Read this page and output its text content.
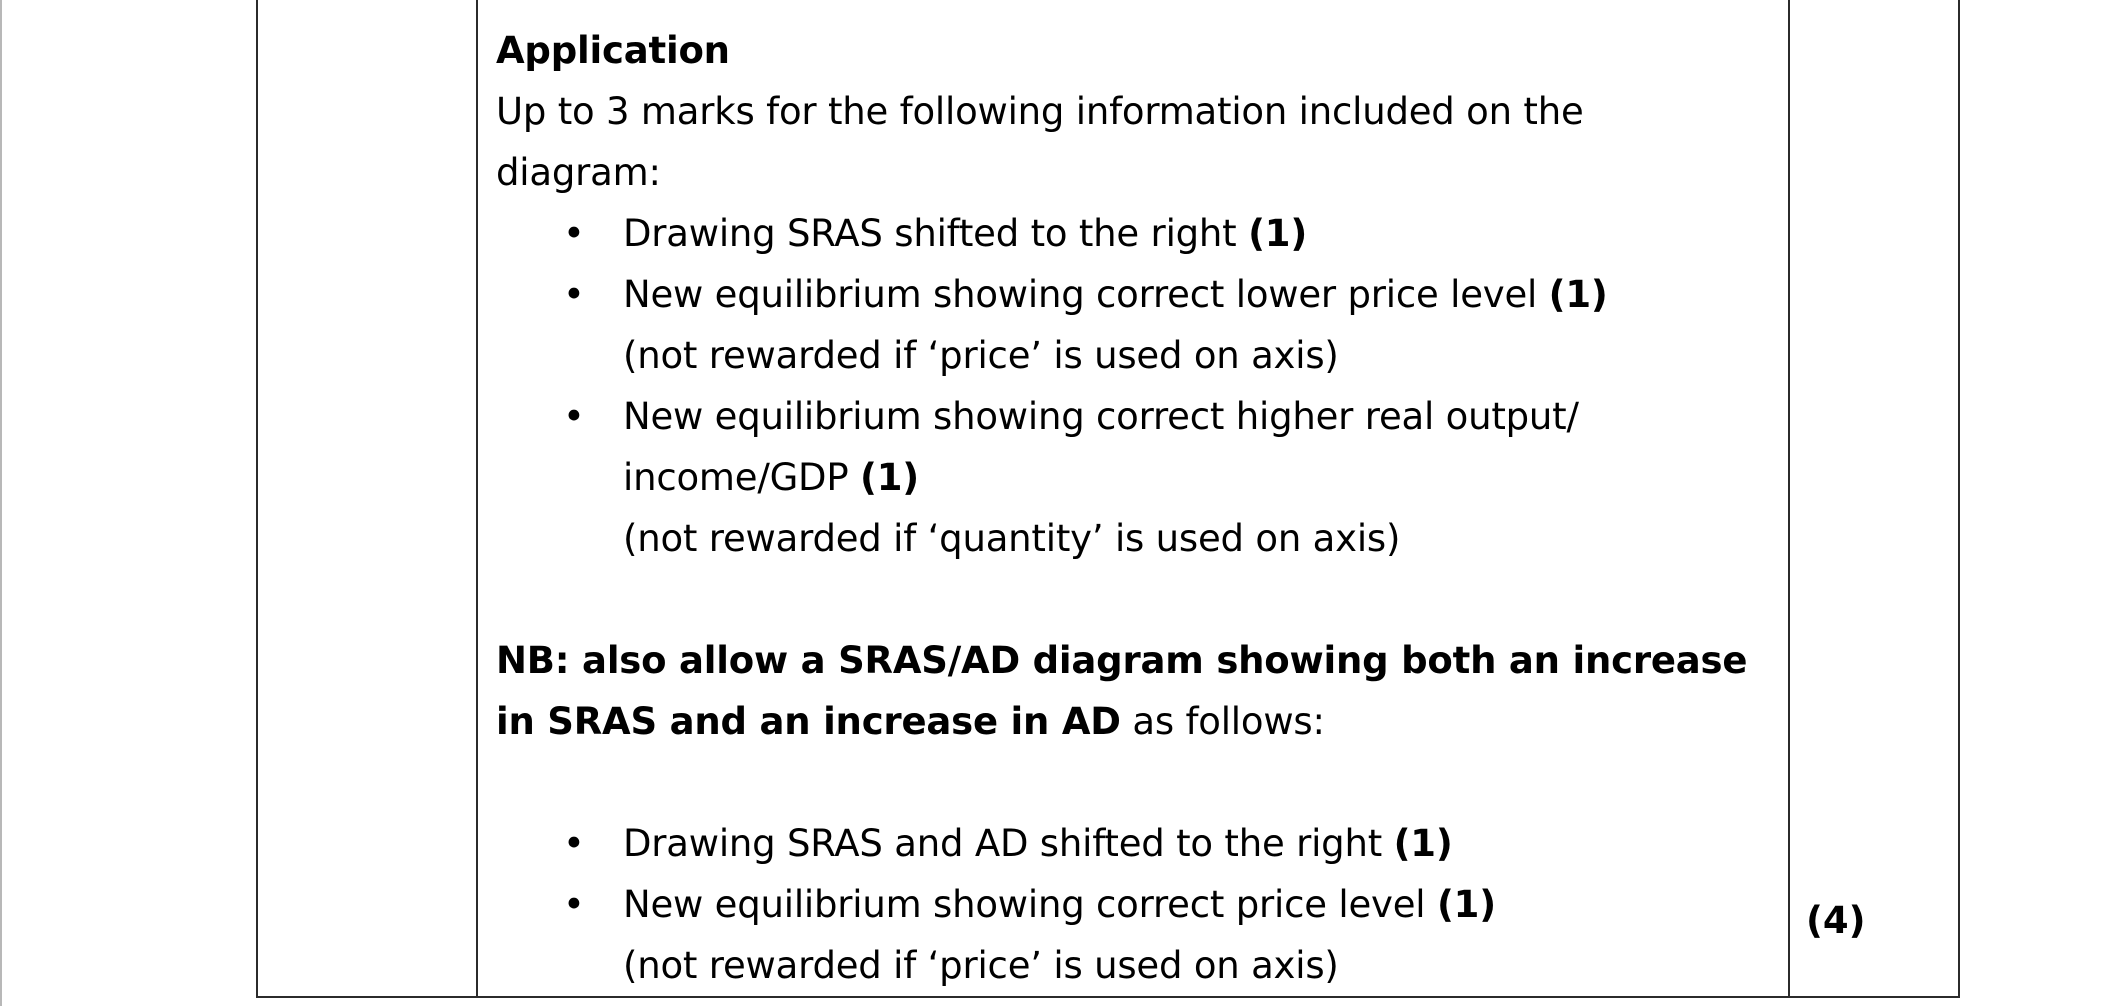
Application

Up to 3 marks for the following information included on the

diagram:

• Drawing SRAS shifted to the right (1)
• New equilibrium showing correct lower price level (1)
(not rewarded if ‘price’ is used on axis)
• New equilibrium showing correct higher real output/
income/GDP (1)
(not rewarded if ‘quantity’ is used on axis)

NB: also allow a SRAS/AD diagram showing both an increase

in SRAS and an increase in AD as follows:

• Drawing SRAS and AD shifted to the right (1)
• New equilibrium showing correct price level (1)
(not rewarded if ‘price’ is used on axis)
(4)
